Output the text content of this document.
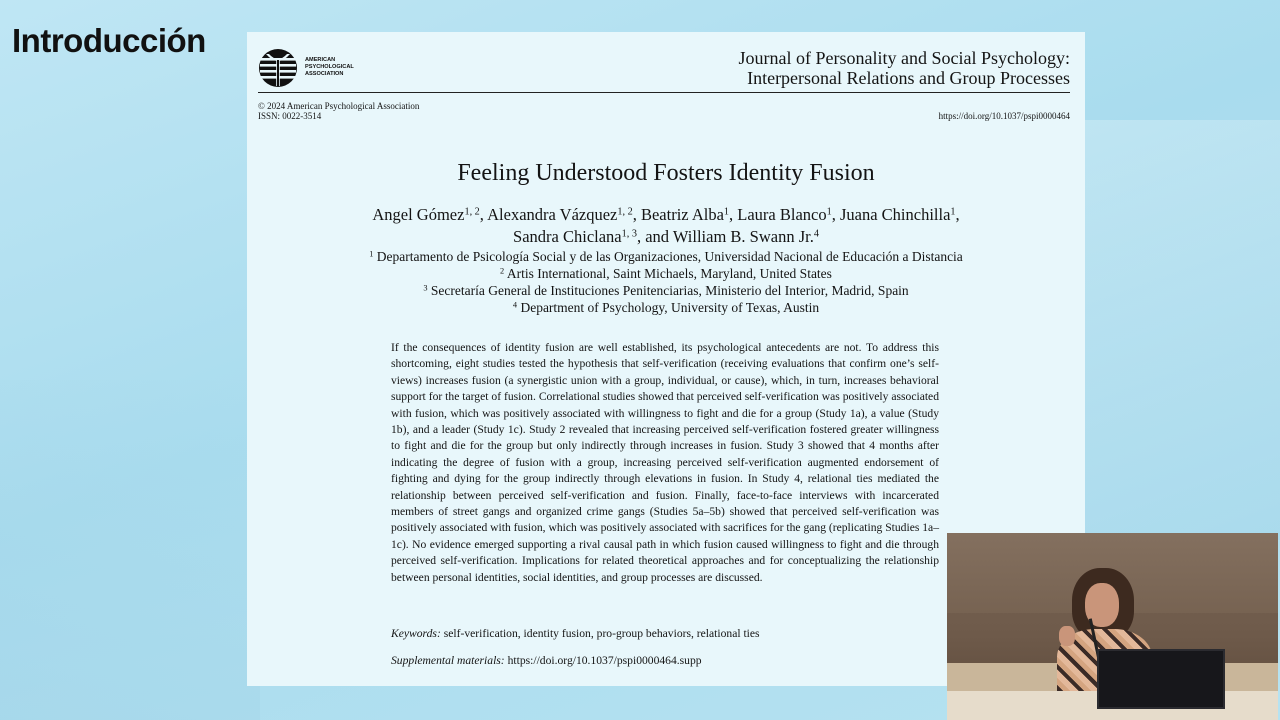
Introducción
AMERICAN
PSYCHOLOGICAL
ASSOCIATION
Journal of Personality and Social Psychology:
Interpersonal Relations and Group Processes
© 2024 American Psychological Association
ISSN: 0022-3514	https://doi.org/10.1037/pspi0000464
Feeling Understood Fosters Identity Fusion
Angel Gómez$^{1, 2}$, Alexandra Vázquez$^{1, 2}$, Beatriz Alba$^1$, Laura Blanco$^1$, Juana Chinchilla$^1$,
Sandra Chiclana$^{1, 3}$, and William B. Swann Jr.$^4$
$^1$ Departamento de Psicología Social y de las Organizaciones, Universidad Nacional de Educación a Distancia
$^2$ Artis International, Saint Michaels, Maryland, United States
$^3$ Secretaría General de Instituciones Penitenciarias, Ministerio del Interior, Madrid, Spain
$^4$ Department of Psychology, University of Texas, Austin

If the consequences of identity fusion are well established, its psychological antecedents are not. To address this shortcoming, eight studies tested the hypothesis that self-verification (receiving evaluations that confirm one’s self-views) increases fusion (a synergistic union with a group, individual, or cause), which, in turn, increases behavioral support for the target of fusion. Correlational studies showed that perceived self-verification was positively associated with fusion, which was positively associated with willingness to fight and die for a group (Study 1a), a value (Study 1b), and a leader (Study 1c). Study 2 revealed that increasing perceived self-verification fostered greater willingness to fight and die for the group but only indirectly through increases in fusion. Study 3 showed that 4 months after indicating the degree of fusion with a group, increasing perceived self-verification augmented endorsement of fighting and dying for the group indirectly through elevations in fusion. In Study 4, relational ties mediated the relationship between perceived self-verification and fusion. Finally, face-to-face interviews with incarcerated members of street gangs and organized crime gangs (Studies 5a–5b) showed that perceived self-verification was positively associated with fusion, which was positively associated with sacrifices for the gang (replicating Studies 1a–1c). No evidence emerged supporting a rival causal path in which fusion caused willingness to fight and die through perceived self-verification. Implications for related theoretical approaches and for conceptualizing the relationship between personal identities, social identities, and group processes are discussed.

Keywords: self-verification, identity fusion, pro-group behaviors, relational ties
Supplemental materials: https://doi.org/10.1037/pspi0000464.supp
